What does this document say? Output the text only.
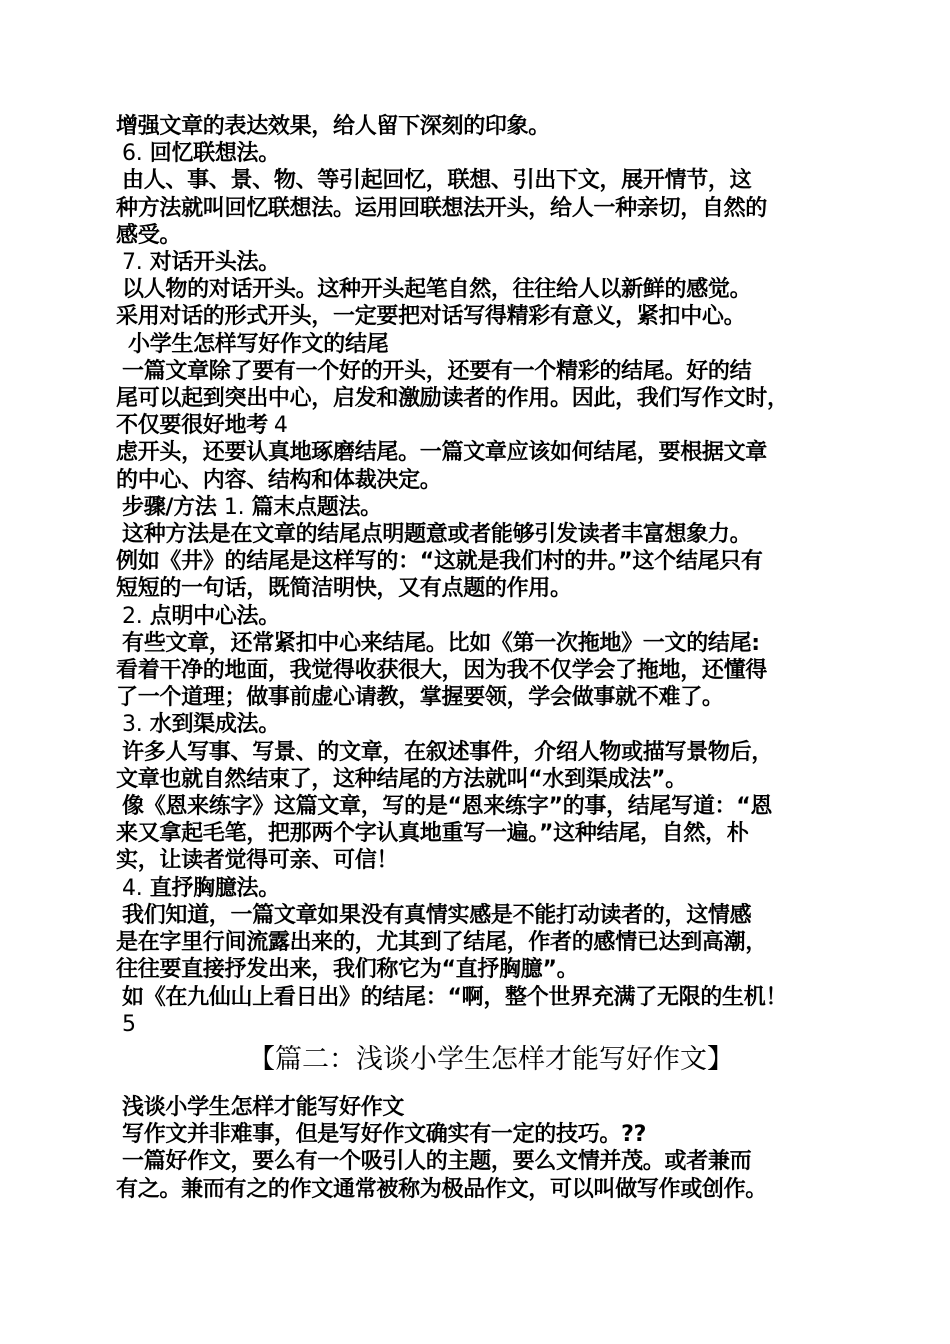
增强文章的表达效果，给人留下深刻的印象。
6. 回忆联想法。
由人、事、景、物、等引起回忆，联想、引出下文，展开情节，这
种方法就叫回忆联想法。运用回联想法开头，给人一种亲切，自然的
感受。
7. 对话开头法。
以人物的对话开头。这种开头起笔自然，往往给人以新鲜的感觉。
采用对话的形式开头，一定要把对话写得精彩有意义，紧扣中心。
小学生怎样写好作文的结尾
一篇文章除了要有一个好的开头，还要有一个精彩的结尾。好的结
尾可以起到突出中心，启发和激励读者的作用。因此，我们写作文时，
不仅要很好地考 4
虑开头，还要认真地琢磨结尾。一篇文章应该如何结尾，要根据文章
的中心、内容、结构和体裁决定。
步骤/方法 1. 篇末点题法。
这种方法是在文章的结尾点明题意或者能够引发读者丰富想象力。
例如《井》的结尾是这样写的：“这就是我们村的井。”这个结尾只有
短短的一句话，既简洁明快，又有点题的作用。
2. 点明中心法。
有些文章，还常紧扣中心来结尾。比如《第一次拖地》一文的结尾:
看着干净的地面，我觉得收获很大，因为我不仅学会了拖地，还懂得
了一个道理；做事前虚心请教，掌握要领，学会做事就不难了。
3. 水到渠成法。
许多人写事、写景、的文章，在叙述事件，介绍人物或描写景物后，
文章也就自然结束了，这种结尾的方法就叫“水到渠成法”。
像《恩来练字》这篇文章，写的是“恩来练字”的事，结尾写道：“恩
来又拿起毛笔，把那两个字认真地重写一遍。”这种结尾，自然，朴
实，让读者觉得可亲、可信！
4. 直抒胸臆法。
我们知道，一篇文章如果没有真情实感是不能打动读者的，这情感
是在字里行间流露出来的，尤其到了结尾，作者的感情已达到高潮，
往往要直接抒发出来，我们称它为“直抒胸臆”。
如《在九仙山上看日出》的结尾：“啊，整个世界充满了无限的生机！
5
【篇二：浅谈小学生怎样才能写好作文】
浅谈小学生怎样才能写好作文
写作文并非难事，但是写好作文确实有一定的技巧。??
一篇好作文，要么有一个吸引人的主题，要么文情并茂。或者兼而
有之。兼而有之的作文通常被称为极品作文，可以叫做写作或创作。
